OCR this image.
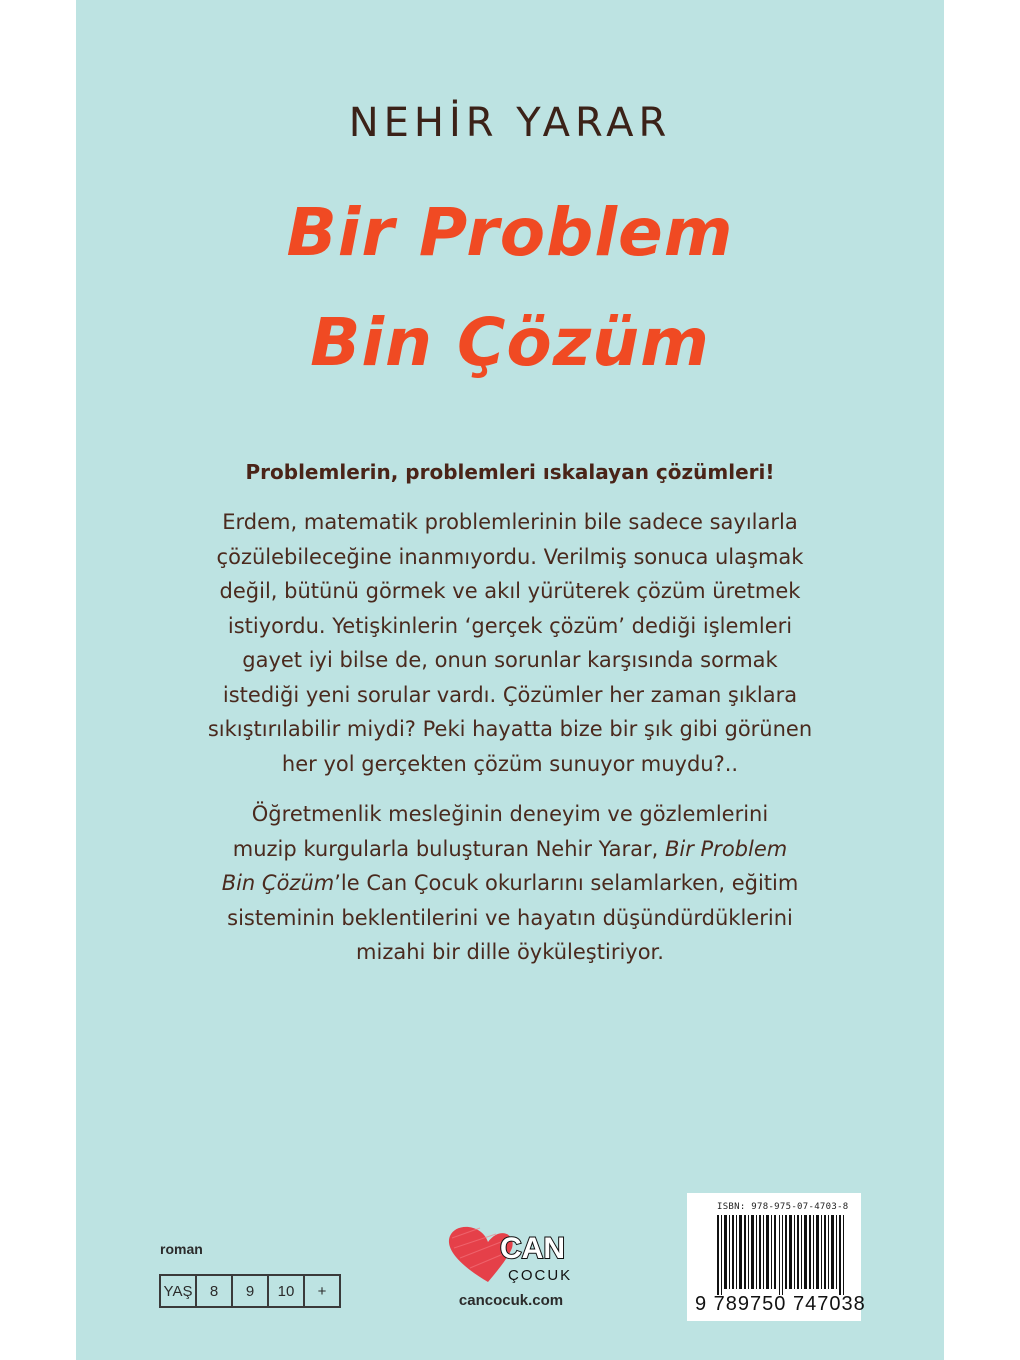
NEHİR YARAR
Bir Problem
Bin Çözüm
Problemlerin, problemleri ıskalayan çözümleri!
Erdem, matematik problemlerinin bile sadece sayılarla
çözülebileceğine inanmıyordu. Verilmiş sonuca ulaşmak
değil, bütünü görmek ve akıl yürüterek çözüm üretmek
istiyordu. Yetişkinlerin ‘gerçek çözüm’ dediği işlemleri
gayet iyi bilse de, onun sorunlar karşısında sormak
istediği yeni sorular vardı. Çözümler her zaman şıklara
sıkıştırılabilir miydi? Peki hayatta bize bir şık gibi görünen
her yol gerçekten çözüm sunuyor muydu?..
Öğretmenlik mesleğinin deneyim ve gözlemlerini
muzip kurgularla buluşturan Nehir Yarar, Bir Problem
Bin Çözüm’le Can Çocuk okurlarını selamlarken, eğitim
sisteminin beklentilerini ve hayatın düşündürdüklerini
mizahi bir dille öyküleştiriyor.
roman
YAŞ	8	9	10	+
CAN
ÇOCUK
cancocuk.com
ISBN: 978-975-07-4703-8
9 789750 747038
